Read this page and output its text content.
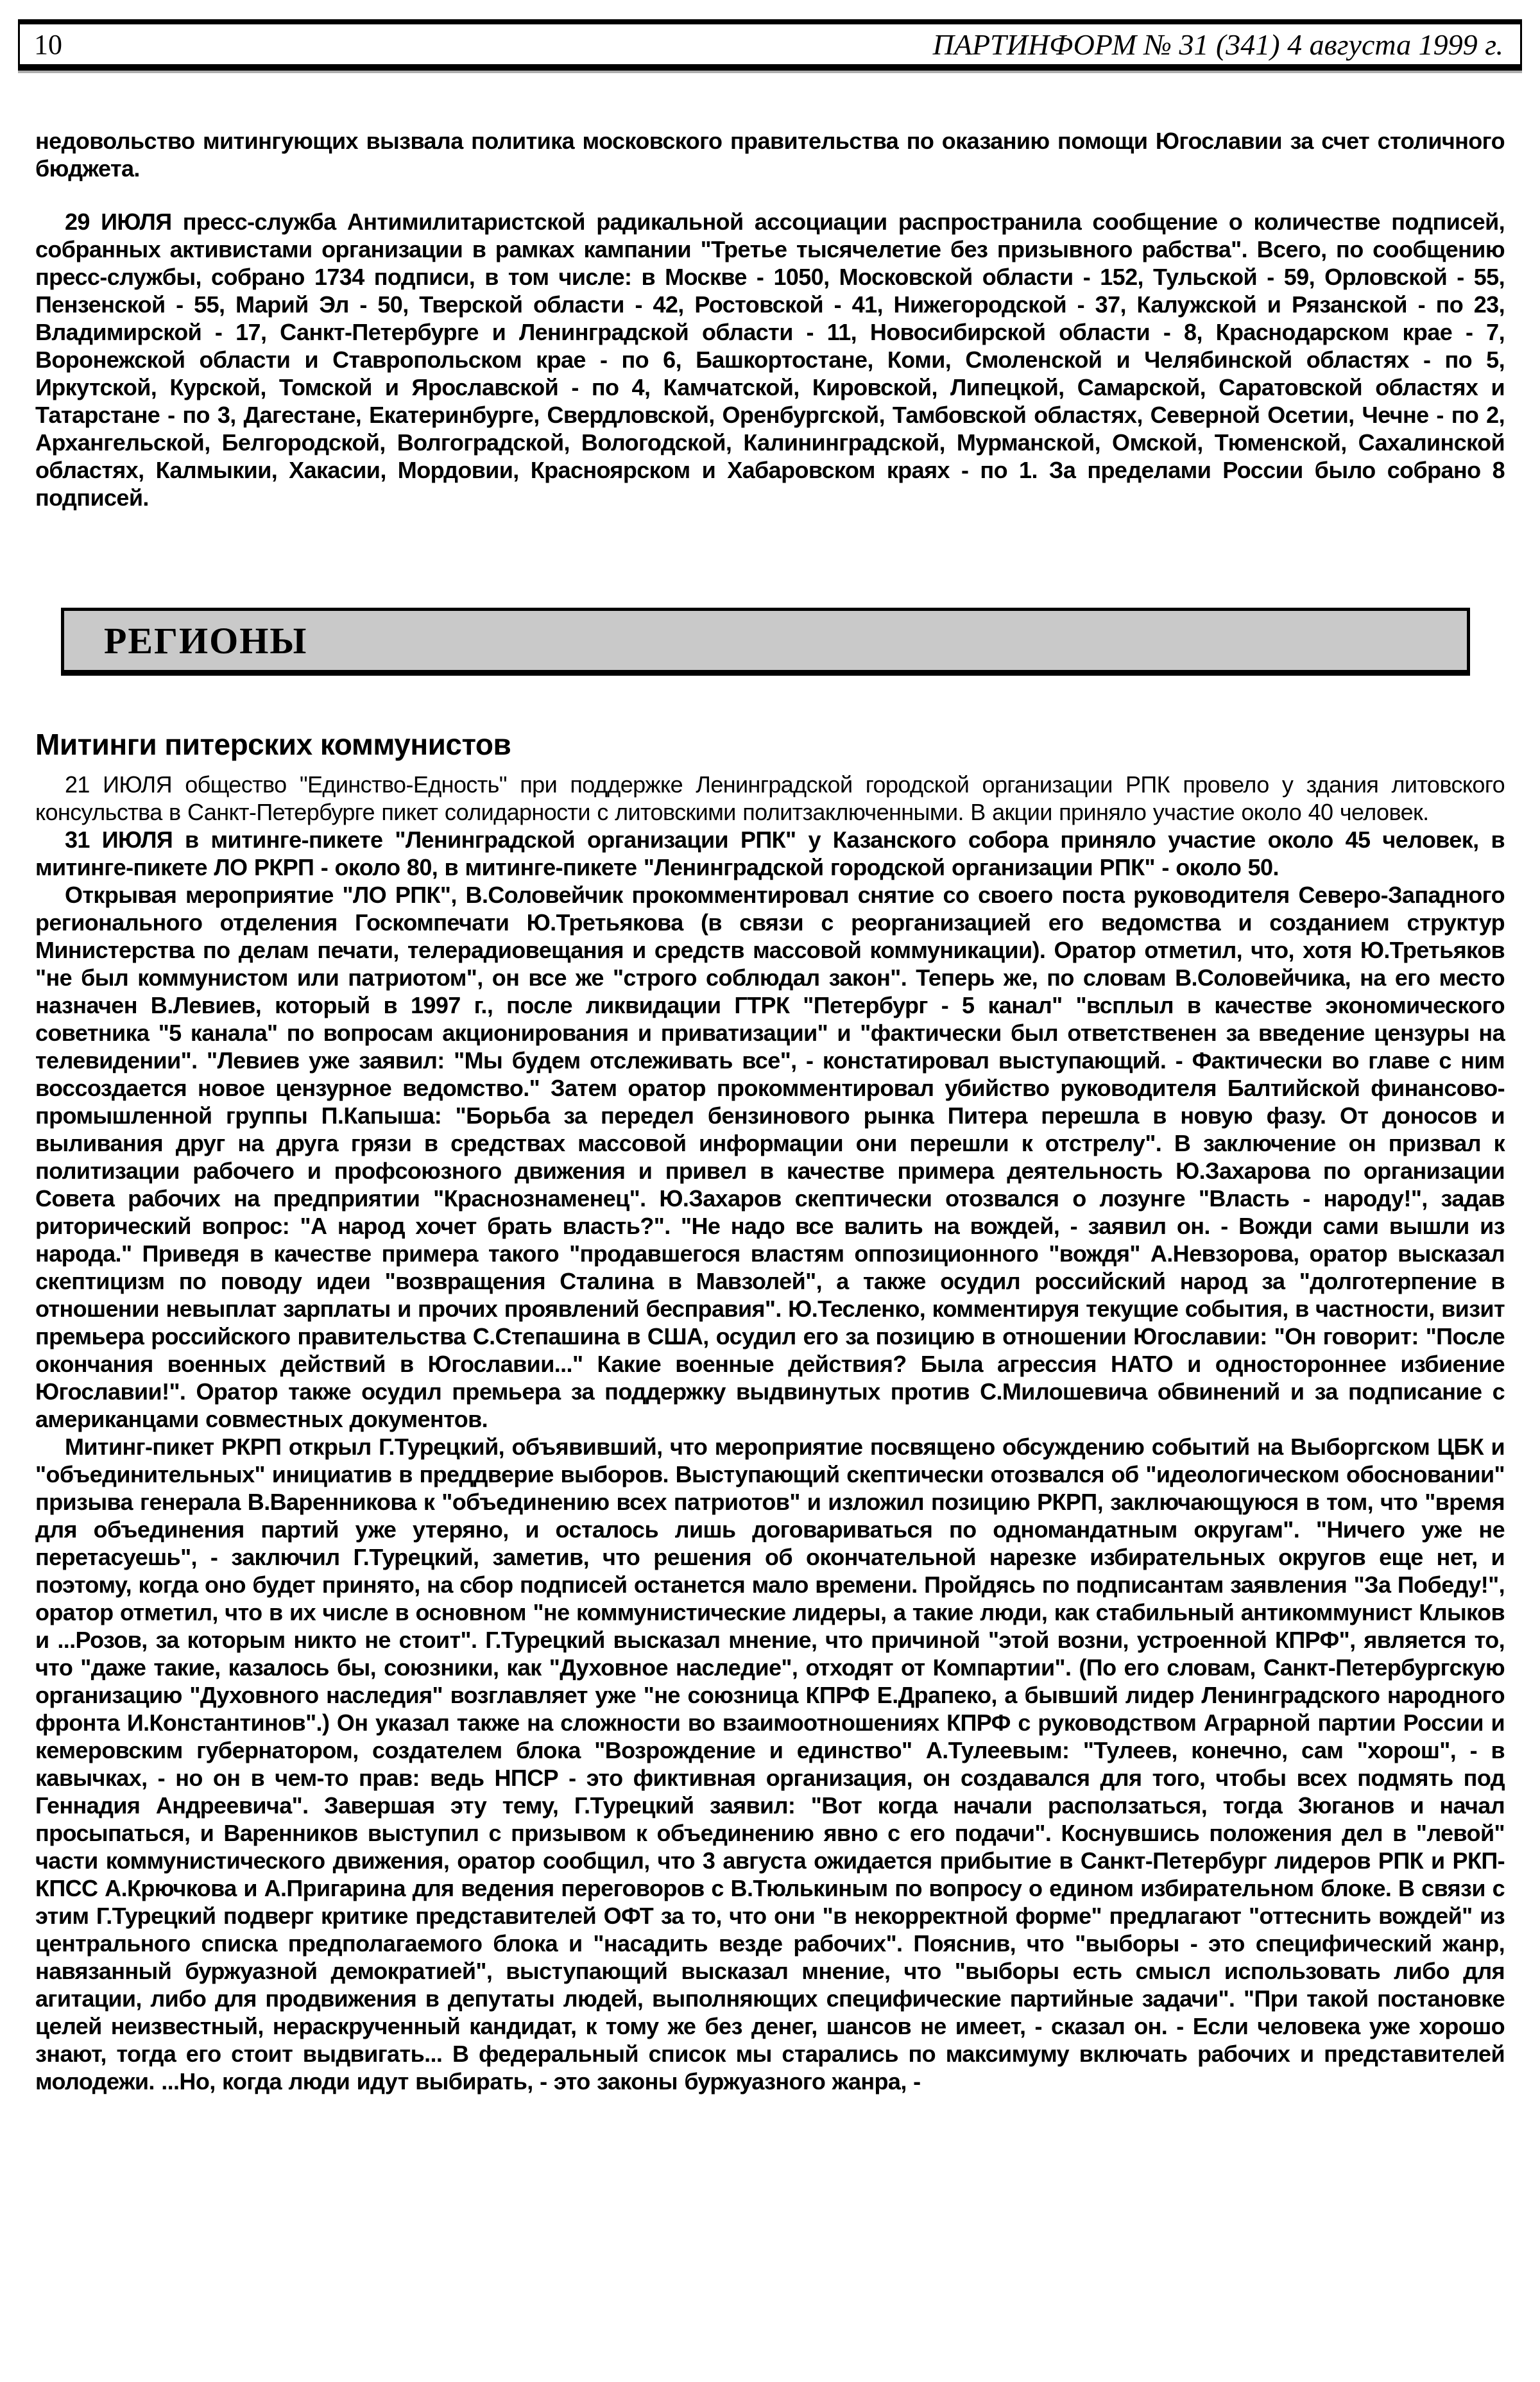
10	ПАРТИНФОРМ № 31 (341) 4 августа 1999 г.

недовольство митингующих вызвала политика московского правительства по оказанию помощи Югославии за счет столичного бюджета.

29 ИЮЛЯ пресс-служба Антимилитаристской радикальной ассоциации распространила сообщение о количестве подписей, собранных активистами организации в рамках кампании "Третье тысячелетие без призывного рабства". Всего, по сообщению пресс-службы, собрано 1734 подписи, в том числе: в Москве - 1050, Московской области - 152, Тульской - 59, Орловской - 55, Пензенской - 55, Марий Эл - 50, Тверской области - 42, Ростовской - 41, Нижегородской - 37, Калужской и Рязанской - по 23, Владимирской - 17, Санкт-Петербурге и Ленинградской области - 11, Новосибирской области - 8, Краснодарском крае - 7, Воронежской области и Ставропольском крае - по 6, Башкортостане, Коми, Смоленской и Челябинской областях - по 5, Иркутской, Курской, Томской и Ярославской - по 4, Камчатской, Кировской, Липецкой, Самарской, Саратовской областях и Татарстане - по 3, Дагестане, Екатеринбурге, Свердловской, Оренбургской, Тамбовской областях, Северной Осетии, Чечне - по 2, Архангельской, Белгородской, Волгоградской, Вологодской, Калининградской, Мурманской, Омской, Тюменской, Сахалинской областях, Калмыкии, Хакасии, Мордовии, Красноярском и Хабаровском краях - по 1. За пределами России было собрано 8 подписей.

РЕГИОНЫ
Митинги питерских коммунистов

21 ИЮЛЯ общество "Единство-Едность" при поддержке Ленинградской городской организации РПК провело у здания литовского консульства в Санкт-Петербурге пикет солидарности с литовскими политзаключенными. В акции приняло участие около 40 человек.

31 ИЮЛЯ в митинге-пикете "Ленинградской организации РПК" у Казанского собора приняло участие около 45 человек, в митинге-пикете ЛО РКРП - около 80, в митинге-пикете "Ленинградской городской организации РПК" - около 50.

Открывая мероприятие "ЛО РПК", В.Соловейчик прокомментировал снятие со своего поста руководителя Северо-Западного регионального отделения Госкомпечати Ю.Третьякова (в связи с реорганизацией его ведомства и созданием структур Министерства по делам печати, телерадиовещания и средств массовой коммуникации). Оратор отметил, что, хотя Ю.Третьяков "не был коммунистом или патриотом", он все же "строго соблюдал закон". Теперь же, по словам В.Соловейчика, на его место назначен В.Левиев, который в 1997 г., после ликвидации ГТРК "Петербург - 5 канал" "всплыл в качестве экономического советника "5 канала" по вопросам акционирования и приватизации" и "фактически был ответственен за введение цензуры на телевидении". "Левиев уже заявил: "Мы будем отслеживать все", - констатировал выступающий. - Фактически во главе с ним воссоздается новое цензурное ведомство." Затем оратор прокомментировал убийство руководителя Балтийской финансово-промышленной группы П.Капыша: "Борьба за передел бензинового рынка Питера перешла в новую фазу. От доносов и выливания друг на друга грязи в средствах массовой информации они перешли к отстрелу". В заключение он призвал к политизации рабочего и профсоюзного движения и привел в качестве примера деятельность Ю.Захарова по организации Совета рабочих на предприятии "Краснознаменец". Ю.Захаров скептически отозвался о лозунге "Власть - народу!", задав риторический вопрос: "А народ хочет брать власть?". "Не надо все валить на вождей, - заявил он. - Вожди сами вышли из народа." Приведя в качестве примера такого "продавшегося властям оппозиционного "вождя" А.Невзорова, оратор высказал скептицизм по поводу идеи "возвращения Сталина в Мавзолей", а также осудил российский народ за "долготерпение в отношении невыплат зарплаты и прочих проявлений бесправия". Ю.Тесленко, комментируя текущие события, в частности, визит премьера российского правительства С.Степашина в США, осудил его за позицию в отношении Югославии: "Он говорит: "После окончания военных действий в Югославии..." Какие военные действия? Была агрессия НАТО и одностороннее избиение Югославии!". Оратор также осудил премьера за поддержку выдвинутых против С.Милошевича обвинений и за подписание с американцами совместных документов.

Митинг-пикет РКРП открыл Г.Турецкий, объявивший, что мероприятие посвящено обсуждению событий на Выборгском ЦБК и "объединительных" инициатив в преддверие выборов. Выступающий скептически отозвался об "идеологическом обосновании" призыва генерала В.Варенникова к "объединению всех патриотов" и изложил позицию РКРП, заключающуюся в том, что "время для объединения партий уже утеряно, и осталось лишь договариваться по одномандатным округам". "Ничего уже не перетасуешь", - заключил Г.Турецкий, заметив, что решения об окончательной нарезке избирательных округов еще нет, и поэтому, когда оно будет принято, на сбор подписей останется мало времени. Пройдясь по подписантам заявления "За Победу!", оратор отметил, что в их числе в основном "не коммунистические лидеры, а такие люди, как стабильный антикоммунист Клыков и ...Розов, за которым никто не стоит". Г.Турецкий высказал мнение, что причиной "этой возни, устроенной КПРФ", является то, что "даже такие, казалось бы, союзники, как "Духовное наследие", отходят от Компартии". (По его словам, Санкт-Петербургскую организацию "Духовного наследия" возглавляет уже "не союзница КПРФ Е.Драпеко, а бывший лидер Ленинградского народного фронта И.Константинов".) Он указал также на сложности во взаимоотношениях КПРФ с руководством Аграрной партии России и кемеровским губернатором, создателем блока "Возрождение и единство" А.Тулеевым: "Тулеев, конечно, сам "хорош", - в кавычках, - но он в чем-то прав: ведь НПСР - это фиктивная организация, он создавался для того, чтобы всех подмять под Геннадия Андреевича". Завершая эту тему, Г.Турецкий заявил: "Вот когда начали расползаться, тогда Зюганов и начал просыпаться, и Варенников выступил с призывом к объединению явно с его подачи". Коснувшись положения дел в "левой" части коммунистического движения, оратор сообщил, что 3 августа ожидается прибытие в Санкт-Петербург лидеров РПК и РКП-КПСС А.Крючкова и А.Пригарина для ведения переговоров с В.Тюлькиным по вопросу о едином избирательном блоке. В связи с этим Г.Турецкий подверг критике представителей ОФТ за то, что они "в некорректной форме" предлагают "оттеснить вождей" из центрального списка предполагаемого блока и "насадить везде рабочих". Пояснив, что "выборы - это специфический жанр, навязанный буржуазной демократией", выступающий высказал мнение, что "выборы есть смысл использовать либо для агитации, либо для продвижения в депутаты людей, выполняющих специфические партийные задачи". "При такой постановке целей неизвестный, нераскрученный кандидат, к тому же без денег, шансов не имеет, - сказал он. - Если человека уже хорошо знают, тогда его стоит выдвигать... В федеральный список мы старались по максимуму включать рабочих и представителей молодежи. ...Но, когда люди идут выбирать, - это законы буржуазного жанра, -
